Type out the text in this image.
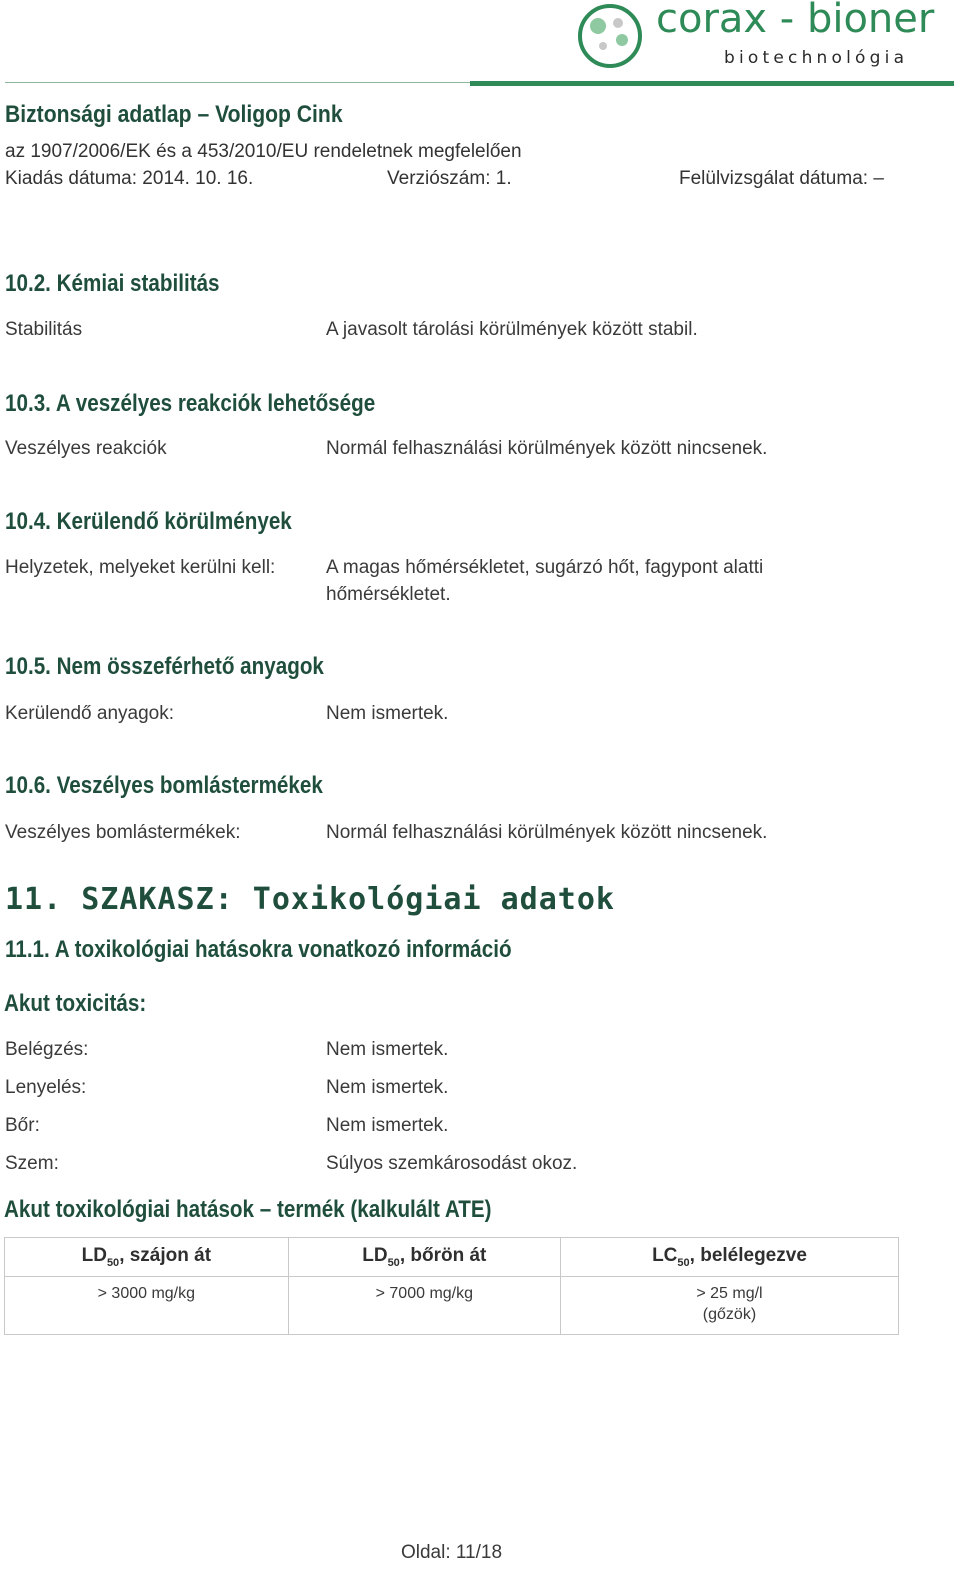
corax - bioner
biotechnológia
Biztonsági adatlap – Voligop Cink
az 1907/2006/EK és a 453/2010/EU rendeletnek megfelelően
Kiadás dátuma: 2014. 10. 16.	Verziószám: 1.	Felülvizsgálat dátuma: –
10.2. Kémiai stabilitás
Stabilitás	A javasolt tárolási körülmények között stabil.
10.3. A veszélyes reakciók lehetősége
Veszélyes reakciók	Normál felhasználási körülmények között nincsenek.
10.4. Kerülendő körülmények
Helyzetek, melyeket kerülni kell:	A magas hőmérsékletet, sugárzó hőt, fagypont alatti
hőmérsékletet.
10.5. Nem összeférhető anyagok
Kerülendő anyagok:	Nem ismertek.
10.6. Veszélyes bomlástermékek
Veszélyes bomlástermékek:	Normál felhasználási körülmények között nincsenek.
11. SZAKASZ: Toxikológiai adatok
11.1. A toxikológiai hatásokra vonatkozó információ
Akut toxicitás:
Belégzés:	Nem ismertek.
Lenyelés:	Nem ismertek.
Bőr:	Nem ismertek.
Szem:	Súlyos szemkárosodást okoz.
Akut toxikológiai hatások – termék (kalkulált ATE)
$LD_{50}$, szájon át	$LD_{50}$, bőrön át	$LC_{50}$, belélegezve

> 3000 mg/kg	> 7000 mg/kg	> 25 mg/l
(gőzök)
Oldal: 11/18
